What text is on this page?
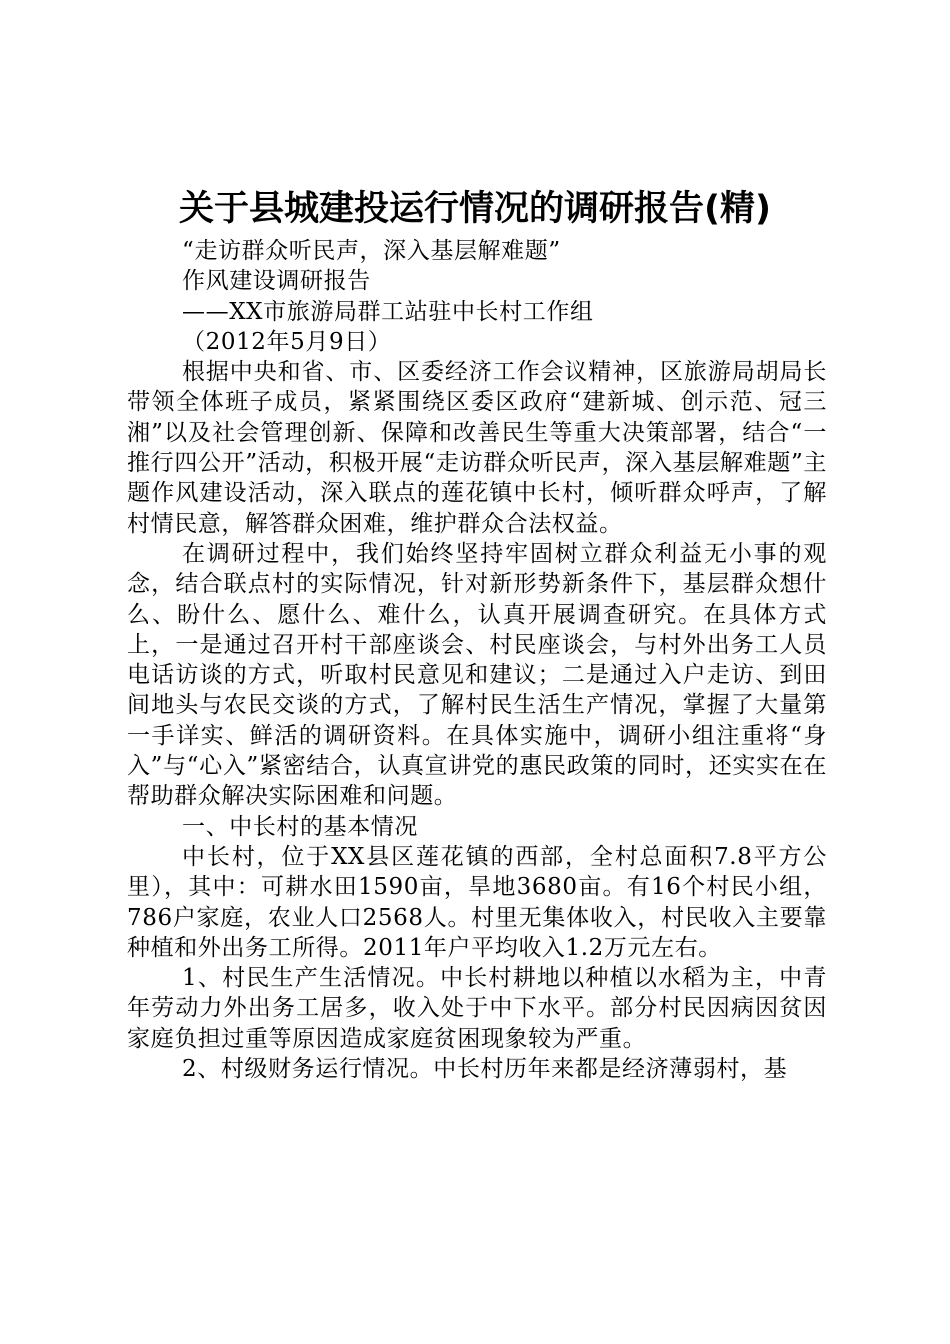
关于县城建投运行情况的调研报告(精)
“走访群众听民声，深入基层解难题”
作风建设调研报告
——XX市旅游局群工站驻中长村工作组
（2012年5月9日）
根据中央和省、市、区委经济工作会议精神，区旅游局胡局长带领全体班子成员，紧紧围绕区委区政府“建新城、创示范、冠三湘”以及社会管理创新、保障和改善民生等重大决策部署，结合“一推行四公开”活动，积极开展“走访群众听民声，深入基层解难题”主题作风建设活动，深入联点的莲花镇中长村，倾听群众呼声，了解村情民意，解答群众困难，维护群众合法权益。
在调研过程中，我们始终坚持牢固树立群众利益无小事的观念，结合联点村的实际情况，针对新形势新条件下，基层群众想什么、盼什么、愿什么、难什么，认真开展调查研究。在具体方式上，一是通过召开村干部座谈会、村民座谈会，与村外出务工人员电话访谈的方式，听取村民意见和建议；二是通过入户走访、到田间地头与农民交谈的方式，了解村民生活生产情况，掌握了大量第一手详实、鲜活的调研资料。在具体实施中，调研小组注重将“身入”与“心入”紧密结合，认真宣讲党的惠民政策的同时，还实实在在帮助群众解决实际困难和问题。
一、中长村的基本情况
中长村，位于XX县区莲花镇的西部，全村总面积7.8平方公里），其中：可耕水田1590亩，旱地3680亩。有16个村民小组，786户家庭，农业人口2568人。村里无集体收入，村民收入主要靠种植和外出务工所得。2011年户平均收入1.2万元左右。
1、村民生产生活情况。中长村耕地以种植以水稻为主，中青年劳动力外出务工居多，收入处于中下水平。部分村民因病因贫因家庭负担过重等原因造成家庭贫困现象较为严重。
2、村级财务运行情况。中长村历年来都是经济薄弱村，基
